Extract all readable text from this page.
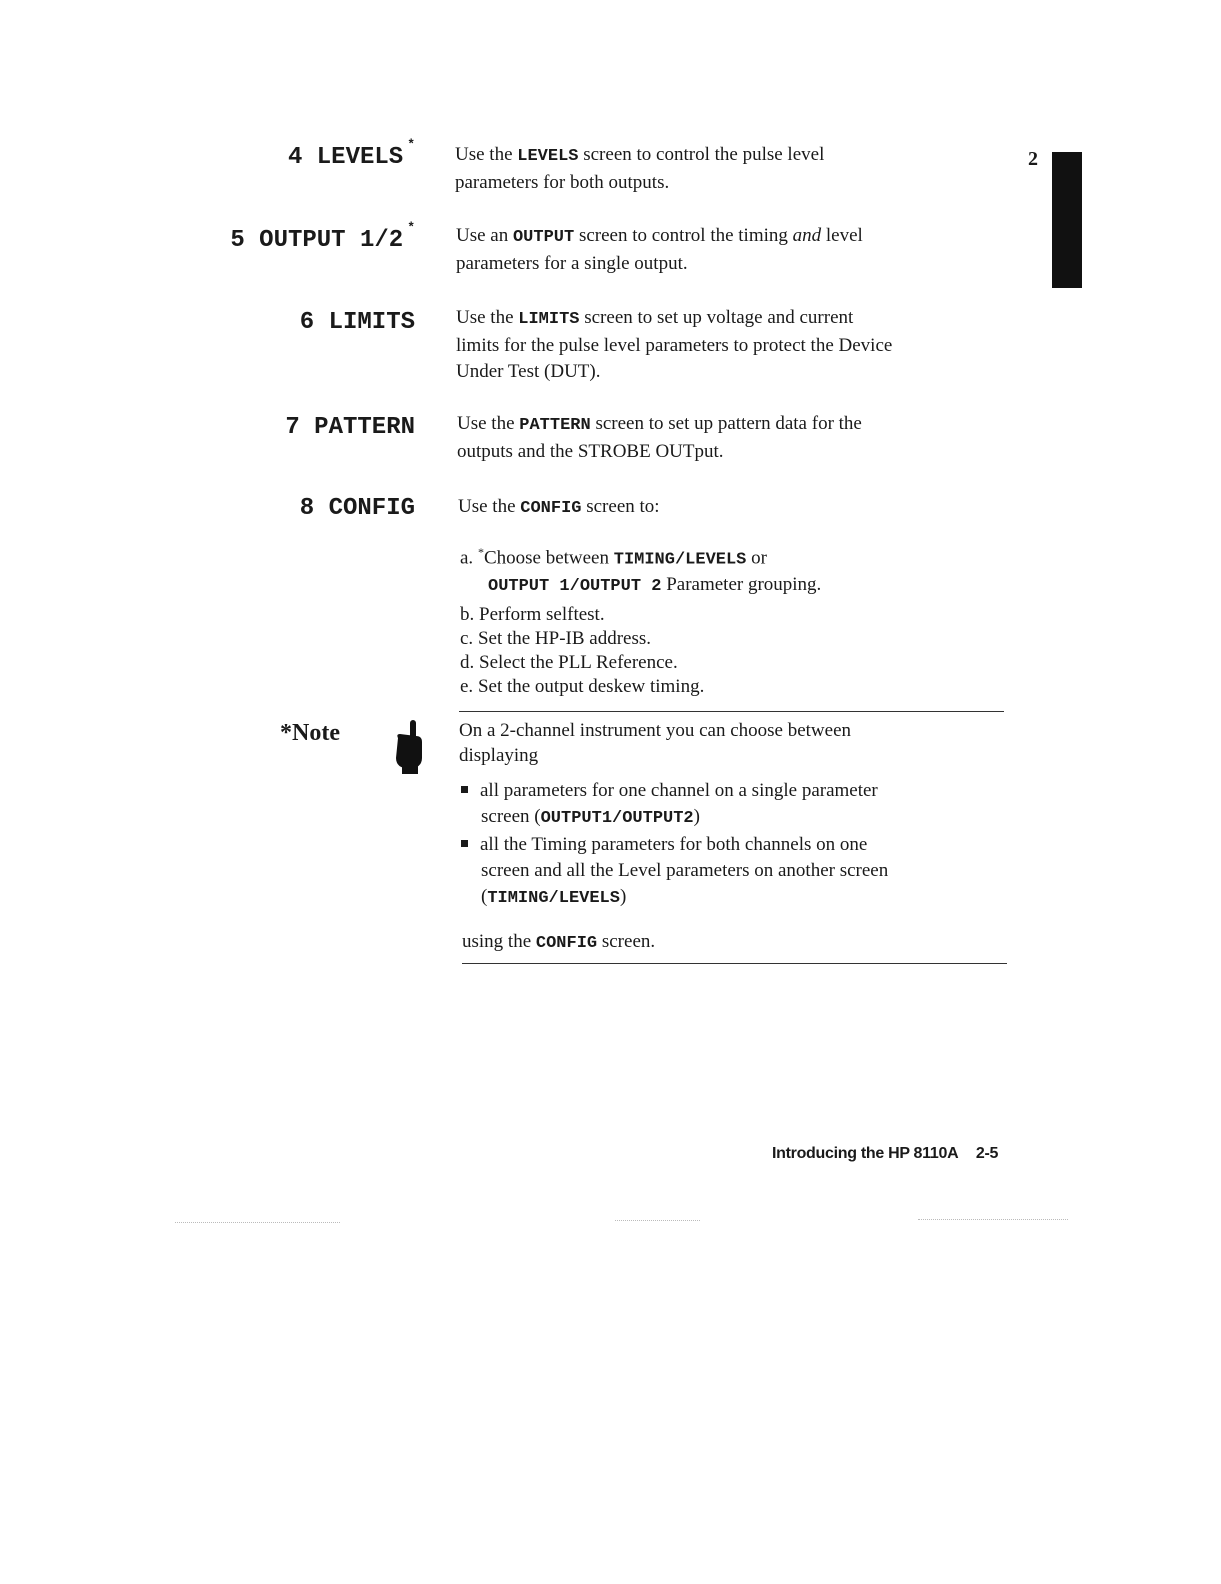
2
4 LEVELS * Use the LEVELS screen to control the pulse level
parameters for both outputs.
5 OUTPUT 1/2 * Use an OUTPUT screen to control the timing and level
parameters for a single output.
6 LIMITS Use the LIMITS screen to set up voltage and current
limits for the pulse level parameters to protect the Device
Under Test (DUT).
7 PATTERN Use the PATTERN screen to set up pattern data for the
outputs and the STROBE OUTput.
8 CONFIG Use the CONFIG screen to:
a. *Choose between TIMING/LEVELS or
OUTPUT 1/OUTPUT 2 Parameter grouping.
b. Perform selftest.
c. Set the HP-IB address.
d. Select the PLL Reference.
e. Set the output deskew timing.
*Note	On a 2-channel instrument you can choose between
displaying
all parameters for one channel on a single parameter
screen (OUTPUT1/OUTPUT2)
all the Timing parameters for both channels on one
screen and all the Level parameters on another screen
(TIMING/LEVELS)
using the CONFIG screen.
Introducing the HP 8110A 2-5
